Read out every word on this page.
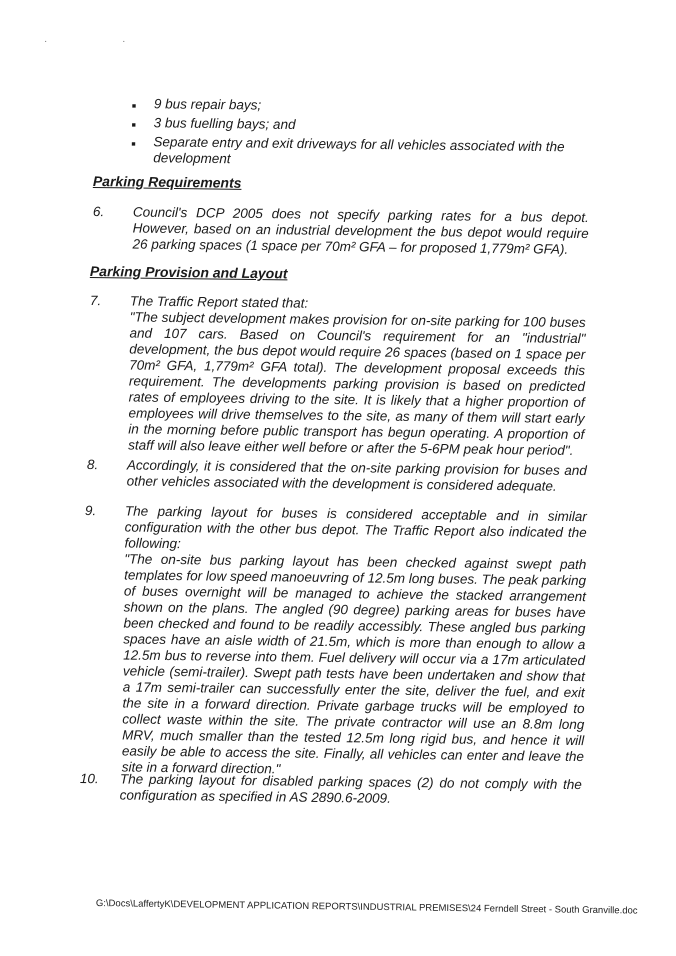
· ·
■	9 bus repair bays;
■	3 bus fuelling bays; and
■	Separate entry and exit driveways for all vehicles associated with the development
Parking Requirements
6.	Council's DCP 2005 does not specify parking rates for a bus depot. However, based on an industrial development the bus depot would require 26 parking spaces (1 space per 70m² GFA – for proposed 1,779m² GFA).
Parking Provision and Layout
7.	The Traffic Report stated that:

"The subject development makes provision for on-site parking for 100 buses and 107 cars. Based on Council's requirement for an "industrial" development, the bus depot would require 26 spaces (based on 1 space per 70m² GFA, 1,779m² GFA total). The development proposal exceeds this requirement. The developments parking provision is based on predicted rates of employees driving to the site. It is likely that a higher proportion of employees will drive themselves to the site, as many of them will start early in the morning before public transport has begun operating. A proportion of staff will also leave either well before or after the 5-6PM peak hour period".

8.	Accordingly, it is considered that the on-site parking provision for buses and other vehicles associated with the development is considered adequate.
9.	The parking layout for buses is considered acceptable and in similar configuration with the other bus depot. The Traffic Report also indicated the following:

"The on-site bus parking layout has been checked against swept path templates for low speed manoeuvring of 12.5m long buses. The peak parking of buses overnight will be managed to achieve the stacked arrangement shown on the plans. The angled (90 degree) parking areas for buses have been checked and found to be readily accessibly. These angled bus parking spaces have an aisle width of 21.5m, which is more than enough to allow a 12.5m bus to reverse into them. Fuel delivery will occur via a 17m articulated vehicle (semi-trailer). Swept path tests have been undertaken and show that a 17m semi-trailer can successfully enter the site, deliver the fuel, and exit the site in a forward direction. Private garbage trucks will be employed to collect waste within the site. The private contractor will use an 8.8m long MRV, much smaller than the tested 12.5m long rigid bus, and hence it will easily be able to access the site. Finally, all vehicles can enter and leave the site in a forward direction."

10.	The parking layout for disabled parking spaces (2) do not comply with the configuration as specified in AS 2890.6-2009.
G:\Docs\LaffertyK\DEVELOPMENT APPLICATION REPORTS\INDUSTRIAL PREMISES\24 Ferndell Street - South Granville.doc
